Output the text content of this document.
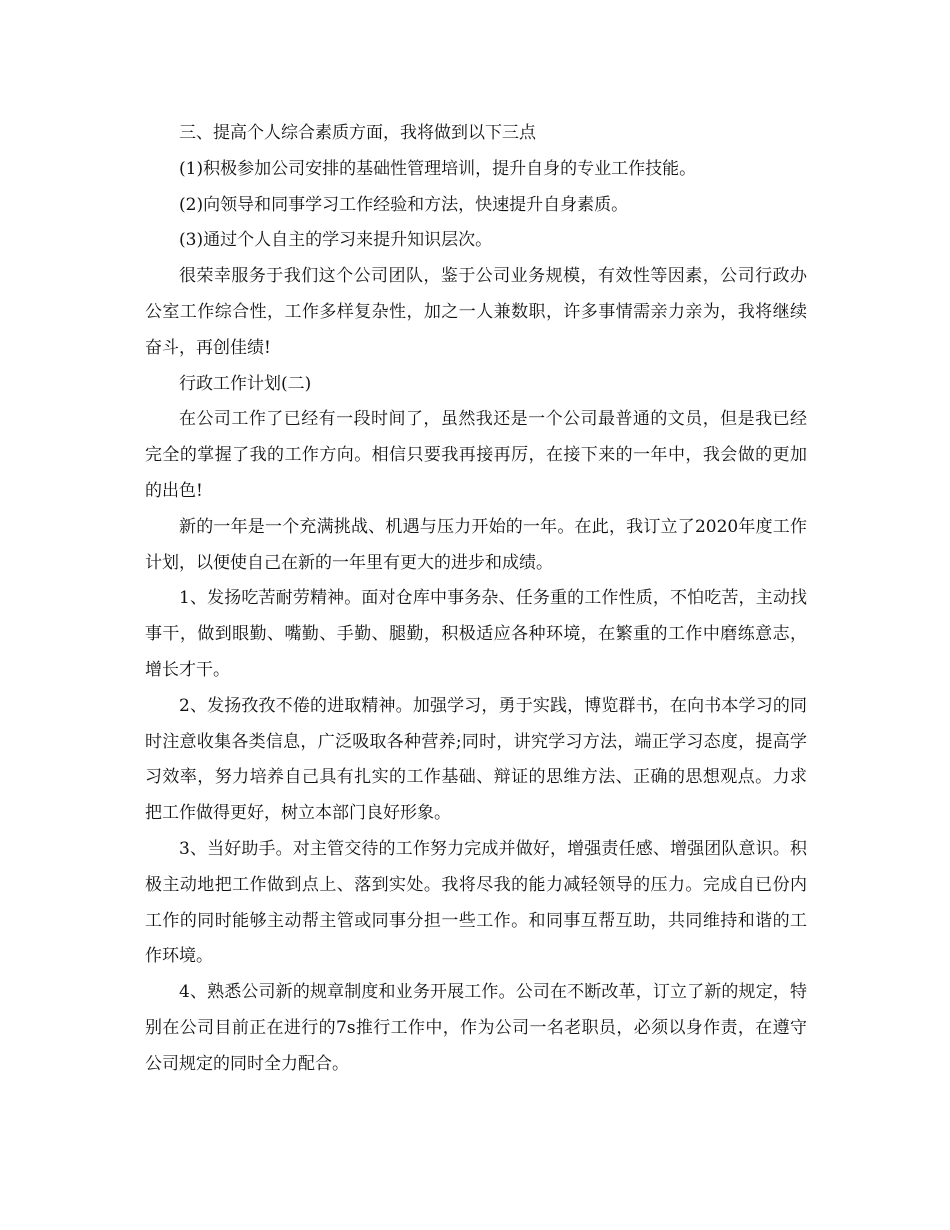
三、提高个人综合素质方面，我将做到以下三点

(1)积极参加公司安排的基础性管理培训，提升自身的专业工作技能。

(2)向领导和同事学习工作经验和方法，快速提升自身素质。

(3)通过个人自主的学习来提升知识层次。

很荣幸服务于我们这个公司团队，鉴于公司业务规模，有效性等因素，公司行政办公室工作综合性，工作多样复杂性，加之一人兼数职，许多事情需亲力亲为，我将继续奋斗，再创佳绩!

行政工作计划(二)

在公司工作了已经有一段时间了，虽然我还是一个公司最普通的文员，但是我已经完全的掌握了我的工作方向。相信只要我再接再厉，在接下来的一年中，我会做的更加的出色!

新的一年是一个充满挑战、机遇与压力开始的一年。在此，我订立了2020年度工作计划，以便使自己在新的一年里有更大的进步和成绩。

1、发扬吃苦耐劳精神。面对仓库中事务杂、任务重的工作性质，不怕吃苦，主动找事干，做到眼勤、嘴勤、手勤、腿勤，积极适应各种环境，在繁重的工作中磨练意志，增长才干。

2、发扬孜孜不倦的进取精神。加强学习，勇于实践，博览群书，在向书本学习的同时注意收集各类信息，广泛吸取各种营养;同时，讲究学习方法，端正学习态度，提高学习效率，努力培养自己具有扎实的工作基础、辩证的思维方法、正确的思想观点。力求把工作做得更好，树立本部门良好形象。

3、当好助手。对主管交待的工作努力完成并做好，增强责任感、增强团队意识。积极主动地把工作做到点上、落到实处。我将尽我的能力减轻领导的压力。完成自已份内工作的同时能够主动帮主管或同事分担一些工作。和同事互帮互助，共同维持和谐的工作环境。

4、熟悉公司新的规章制度和业务开展工作。公司在不断改革，订立了新的规定，特别在公司目前正在进行的7s推行工作中，作为公司一名老职员，必须以身作责，在遵守公司规定的同时全力配合。
